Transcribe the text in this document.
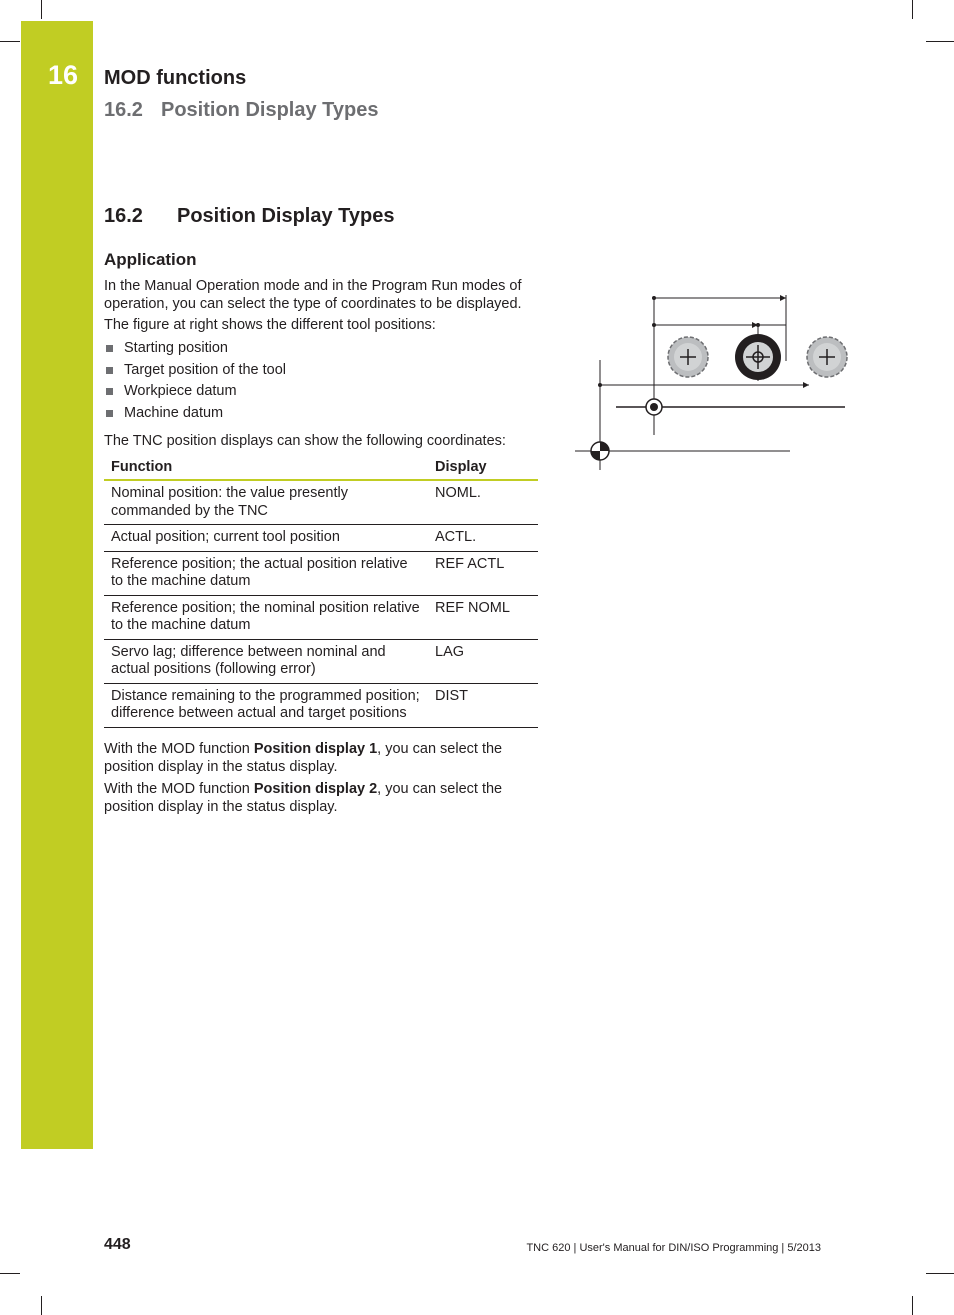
16	MOD functions
16.2 Position Display Types
16.2 Position Display Types
Application
In the Manual Operation mode and in the Program Run modes of operation, you can select the type of coordinates to be displayed.
The figure at right shows the different tool positions:
Starting position
Target position of the tool
Workpiece datum
Machine datum
The TNC position displays can show the following coordinates:
Function	Display
Nominal position: the value presently commanded by the TNC	NOML.
Actual position; current tool position	ACTL.
Reference position; the actual position relative to the machine datum	REF ACTL
Reference position; the nominal position relative to the machine datum	REF NOML
Servo lag; difference between nominal and actual positions (following error)	LAG
Distance remaining to the programmed position; difference between actual and target positions	DIST
With the MOD function Position display 1, you can select the position display in the status display.
With the MOD function Position display 2, you can select the position display in the status display.
448	TNC 620 | User's Manual for DIN/ISO Programming | 5/2013
